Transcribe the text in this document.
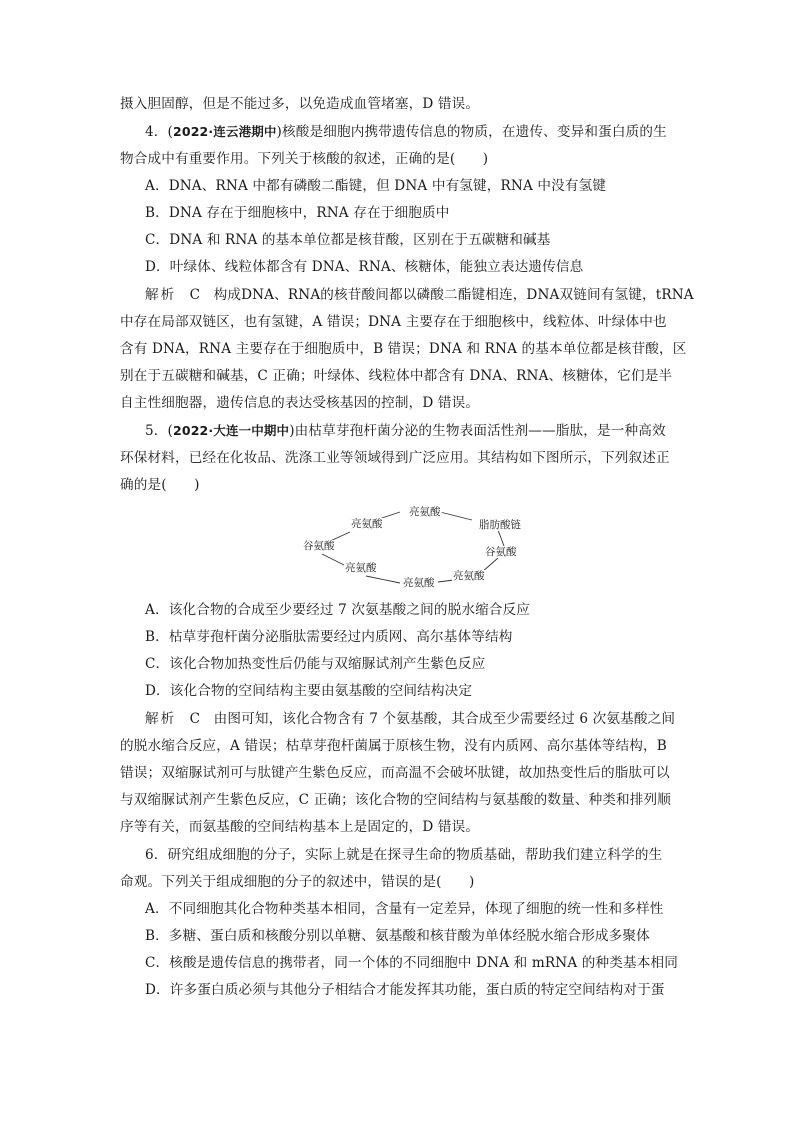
摄入胆固醇，但是不能过多，以免造成血管堵塞，D 错误。
4．(2022·连云港期中)核酸是细胞内携带遗传信息的物质，在遗传、变异和蛋白质的生
物合成中有重要作用。下列关于核酸的叙述，正确的是(　　)
A．DNA、RNA 中都有磷酸二酯键，但 DNA 中有氢键，RNA 中没有氢键
B．DNA 存在于细胞核中，RNA 存在于细胞质中
C．DNA 和 RNA 的基本单位都是核苷酸，区别在于五碳糖和碱基
D．叶绿体、线粒体都含有 DNA、RNA、核糖体，能独立表达遗传信息
解析 C 构成DNA、RNA的核苷酸间都以磷酸二酯键相连，DNA双链间有氢键，tRNA
中存在局部双链区，也有氢键，A 错误；DNA 主要存在于细胞核中，线粒体、叶绿体中也
含有 DNA，RNA 主要存在于细胞质中，B 错误；DNA 和 RNA 的基本单位都是核苷酸，区
别在于五碳糖和碱基，C 正确；叶绿体、线粒体中都含有 DNA、RNA、核糖体，它们是半
自主性细胞器，遗传信息的表达受核基因的控制，D 错误。
5．(2022·大连一中期中)由枯草芽孢杆菌分泌的生物表面活性剂——脂肽，是一种高效
环保材料，已经在化妆品、洗涤工业等领域得到广泛应用。其结构如下图所示，下列叙述正
确的是(　　)
亮氨酸
亮氨酸	脂肪酸链
谷氨酸	谷氨酸
亮氨酸
亮氨酸
亮氨酸
A．该化合物的合成至少要经过 7 次氨基酸之间的脱水缩合反应
B．枯草芽孢杆菌分泌脂肽需要经过内质网、高尔基体等结构
C．该化合物加热变性后仍能与双缩脲试剂产生紫色反应
D．该化合物的空间结构主要由氨基酸的空间结构决定
解析 C 由图可知，该化合物含有 7 个氨基酸，其合成至少需要经过 6 次氨基酸之间
的脱水缩合反应，A 错误；枯草芽孢杆菌属于原核生物，没有内质网、高尔基体等结构，B
错误；双缩脲试剂可与肽键产生紫色反应，而高温不会破坏肽键，故加热变性后的脂肽可以
与双缩脲试剂产生紫色反应，C 正确；该化合物的空间结构与氨基酸的数量、种类和排列顺
序等有关，而氨基酸的空间结构基本上是固定的，D 错误。
6．研究组成细胞的分子，实际上就是在探寻生命的物质基础，帮助我们建立科学的生
命观。下列关于组成细胞的分子的叙述中，错误的是(　　)
A．不同细胞其化合物种类基本相同，含量有一定差异，体现了细胞的统一性和多样性
B．多糖、蛋白质和核酸分别以单糖、氨基酸和核苷酸为单体经脱水缩合形成多聚体
C．核酸是遗传信息的携带者，同一个体的不同细胞中 DNA 和 mRNA 的种类基本相同
D．许多蛋白质必须与其他分子相结合才能发挥其功能，蛋白质的特定空间结构对于蛋
